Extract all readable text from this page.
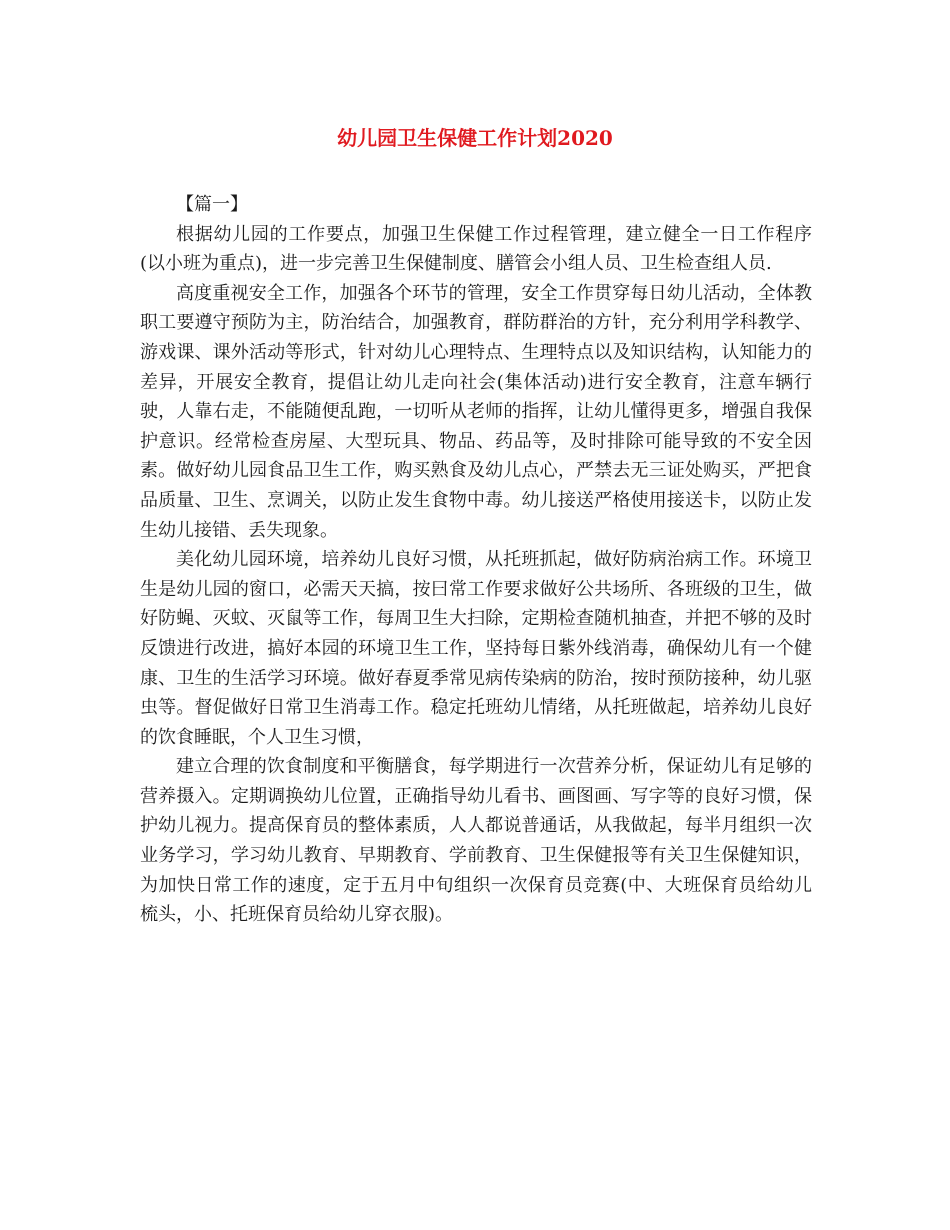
幼儿园卫生保健工作计划2020

【篇一】

根据幼儿园的工作要点，加强卫生保健工作过程管理，建立健全一日工作程序(以小班为重点)，进一步完善卫生保健制度、膳管会小组人员、卫生检查组人员.

高度重视安全工作，加强各个环节的管理，安全工作贯穿每日幼儿活动，全体教职工要遵守预防为主，防治结合，加强教育，群防群治的方针，充分利用学科教学、游戏课、课外活动等形式，针对幼儿心理特点、生理特点以及知识结构，认知能力的差异，开展安全教育，提倡让幼儿走向社会(集体活动)进行安全教育，注意车辆行驶，人靠右走，不能随便乱跑，一切听从老师的指挥，让幼儿懂得更多，增强自我保护意识。经常检查房屋、大型玩具、物品、药品等，及时排除可能导致的不安全因素。做好幼儿园食品卫生工作，购买熟食及幼儿点心，严禁去无三证处购买，严把食品质量、卫生、烹调关，以防止发生食物中毒。幼儿接送严格使用接送卡，以防止发生幼儿接错、丢失现象。

美化幼儿园环境，培养幼儿良好习惯，从托班抓起，做好防病治病工作。环境卫生是幼儿园的窗口，必需天天搞，按曰常工作要求做好公共场所、各班级的卫生，做好防蝇、灭蚊、灭鼠等工作，每周卫生大扫除，定期检查随机抽查，并把不够的及时反馈进行改进，搞好本园的环境卫生工作，坚持每日紫外线消毒，确保幼儿有一个健康、卫生的生活学习环境。做好春夏季常见病传染病的防治，按时预防接种，幼儿驱虫等。督促做好日常卫生消毒工作。稳定托班幼儿情绪，从托班做起，培养幼儿良好的饮食睡眠，个人卫生习惯，

建立合理的饮食制度和平衡膳食，每学期进行一次营养分析，保证幼儿有足够的营养摄入。定期调换幼儿位置，正确指导幼儿看书、画图画、写字等的良好习惯，保护幼儿视力。提高保育员的整体素质，人人都说普通话，从我做起，每半月组织一次业务学习，学习幼儿教育、早期教育、学前教育、卫生保健报等有关卫生保健知识，为加快日常工作的速度，定于五月中旬组织一次保育员竞赛(中、大班保育员给幼儿梳头，小、托班保育员给幼儿穿衣服)。
